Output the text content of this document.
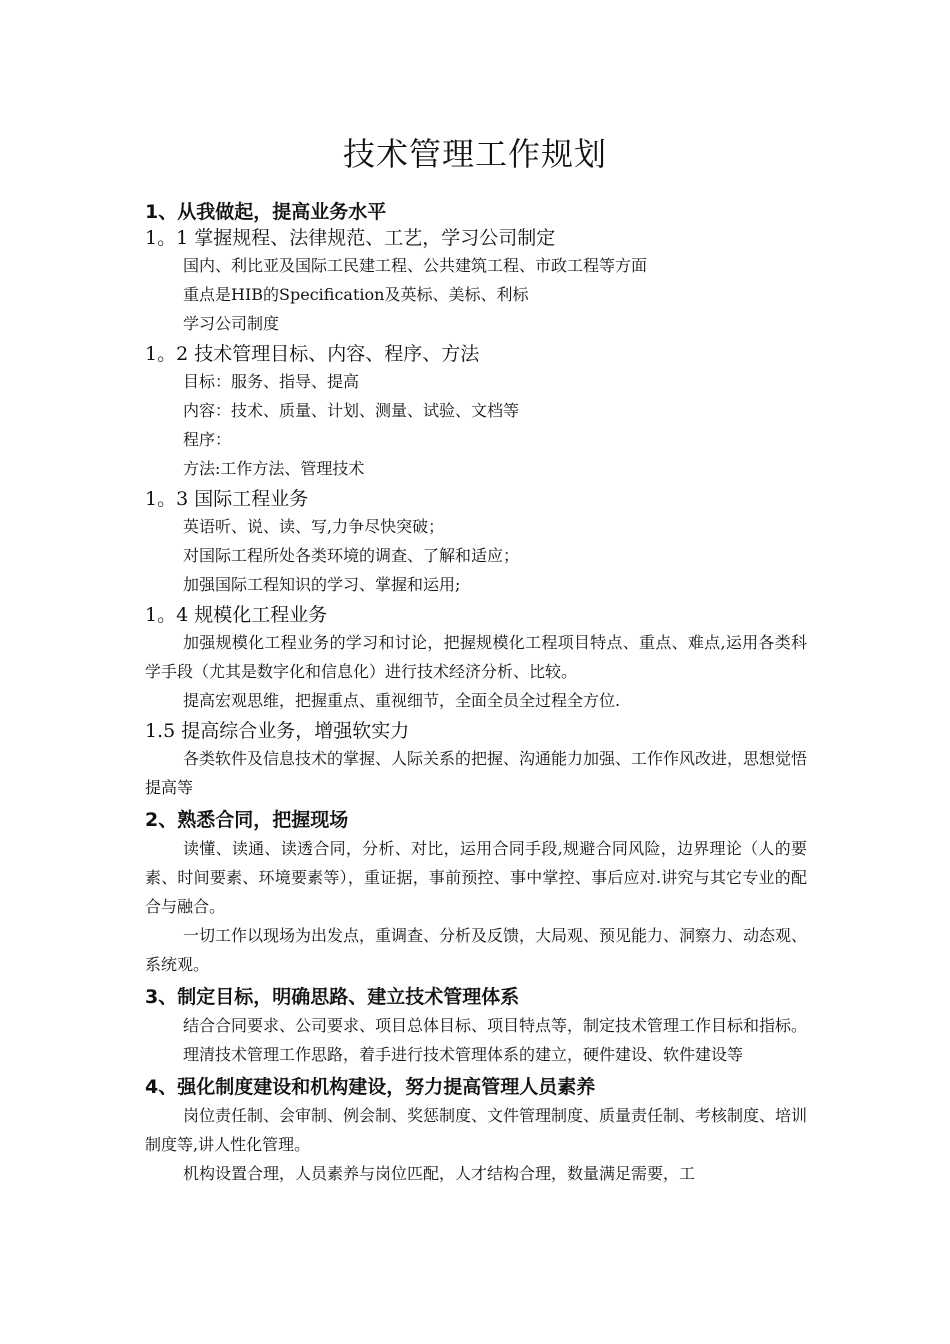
技术管理工作规划
1、从我做起，提高业务水平
1。1 掌握规程、法律规范、工艺，学习公司制定
国内、利比亚及国际工民建工程、公共建筑工程、市政工程等方面
重点是HIB的Specification及英标、美标、利标
学习公司制度
1。2 技术管理目标、内容、程序、方法
目标：服务、指导、提高
内容：技术、质量、计划、测量、试验、文档等
程序：
方法:工作方法、管理技术
1。3 国际工程业务
英语听、说、读、写,力争尽快突破；
对国际工程所处各类环境的调查、了解和适应；
加强国际工程知识的学习、掌握和运用;
1。4 规模化工程业务

加强规模化工程业务的学习和讨论，把握规模化工程项目特点、重点、难点,运用各类科学手段（尤其是数字化和信息化）进行技术经济分析、比较。

提高宏观思维，把握重点、重视细节，全面全员全过程全方位.

1.5 提高综合业务，增强软实力

各类软件及信息技术的掌握、人际关系的把握、沟通能力加强、工作作风改进，思想觉悟提高等

2、熟悉合同，把握现场

读懂、读通、读透合同，分析、对比，运用合同手段,规避合同风险，边界理论（人的要素、时间要素、环境要素等），重证据，事前预控、事中掌控、事后应对.讲究与其它专业的配合与融合。

一切工作以现场为出发点，重调查、分析及反馈，大局观、预见能力、洞察力、动态观、系统观。

3、制定目标，明确思路、建立技术管理体系

结合合同要求、公司要求、项目总体目标、项目特点等，制定技术管理工作目标和指标。

理清技术管理工作思路，着手进行技术管理体系的建立，硬件建设、软件建设等

4、强化制度建设和机构建设，努力提高管理人员素养

岗位责任制、会审制、例会制、奖惩制度、文件管理制度、质量责任制、考核制度、培训制度等,讲人性化管理。

机构设置合理，人员素养与岗位匹配，人才结构合理，数量满足需要，工
